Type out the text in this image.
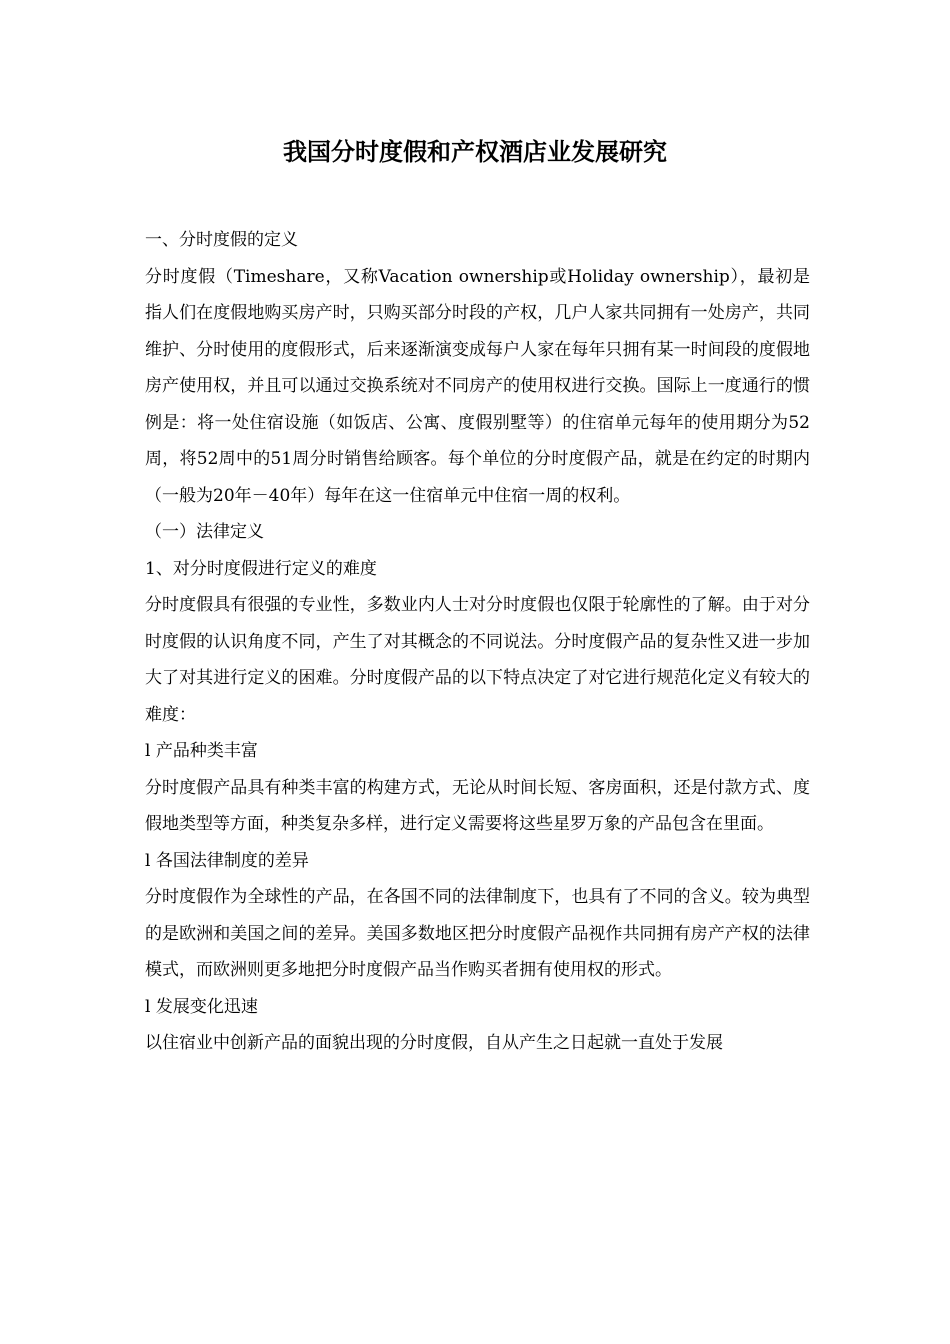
我国分时度假和产权酒店业发展研究

一、分时度假的定义

分时度假（Timeshare，又称Vacation ownership或Holiday ownership），最初是指人们在度假地购买房产时，只购买部分时段的产权，几户人家共同拥有一处房产，共同维护、分时使用的度假形式，后来逐渐演变成每户人家在每年只拥有某一时间段的度假地房产使用权，并且可以通过交换系统对不同房产的使用权进行交换。国际上一度通行的惯例是：将一处住宿设施（如饭店、公寓、度假别墅等）的住宿单元每年的使用期分为52周，将52周中的51周分时销售给顾客。每个单位的分时度假产品，就是在约定的时期内（一般为20年－40年）每年在这一住宿单元中住宿一周的权利。

（一）法律定义

1、对分时度假进行定义的难度

分时度假具有很强的专业性，多数业内人士对分时度假也仅限于轮廓性的了解。由于对分时度假的认识角度不同，产生了对其概念的不同说法。分时度假产品的复杂性又进一步加大了对其进行定义的困难。分时度假产品的以下特点决定了对它进行规范化定义有较大的难度：

l 产品种类丰富

分时度假产品具有种类丰富的构建方式，无论从时间长短、客房面积，还是付款方式、度假地类型等方面，种类复杂多样，进行定义需要将这些星罗万象的产品包含在里面。

l 各国法律制度的差异

分时度假作为全球性的产品，在各国不同的法律制度下，也具有了不同的含义。较为典型的是欧洲和美国之间的差异。美国多数地区把分时度假产品视作共同拥有房产产权的法律模式，而欧洲则更多地把分时度假产品当作购买者拥有使用权的形式。

l 发展变化迅速

以住宿业中创新产品的面貌出现的分时度假，自从产生之日起就一直处于发展
